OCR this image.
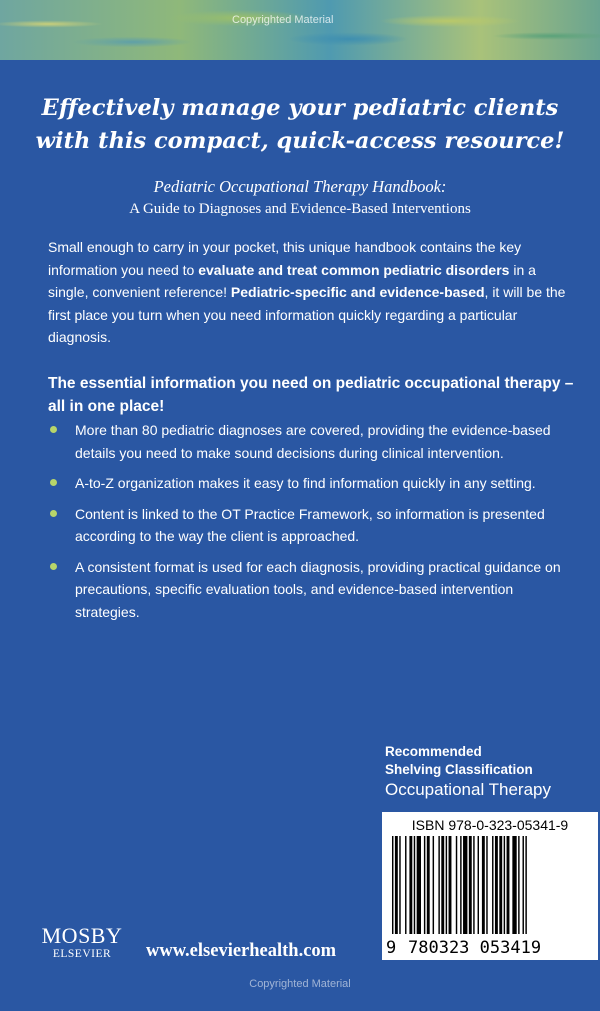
Copyrighted Material
Effectively manage your pediatric clients
with this compact, quick-access resource!
Pediatric Occupational Therapy Handbook:
A Guide to Diagnoses and Evidence-Based Interventions

Small enough to carry in your pocket, this unique handbook contains the key information you need to evaluate and treat common pediatric disorders in a single, convenient reference! Pediatric-specific and evidence-based, it will be the first place you turn when you need information quickly regarding a particular diagnosis.

The essential information you need on pediatric occupational therapy – all in one place!

More than 80 pediatric diagnoses are covered, providing the evidence-based details you need to make sound decisions during clinical intervention.
A-to-Z organization makes it easy to find information quickly in any setting.
Content is linked to the OT Practice Framework, so information is presented according to the way the client is approached.
A consistent format is used for each diagnosis, providing practical guidance on precautions, specific evaluation tools, and evidence-based intervention strategies.
Recommended
Shelving Classification
Occupational Therapy
ISBN 978-0-323-05341-9
9 780323 053419
MOSBY
ELSEVIER	www.elsevierhealth.com
Copyrighted Material
